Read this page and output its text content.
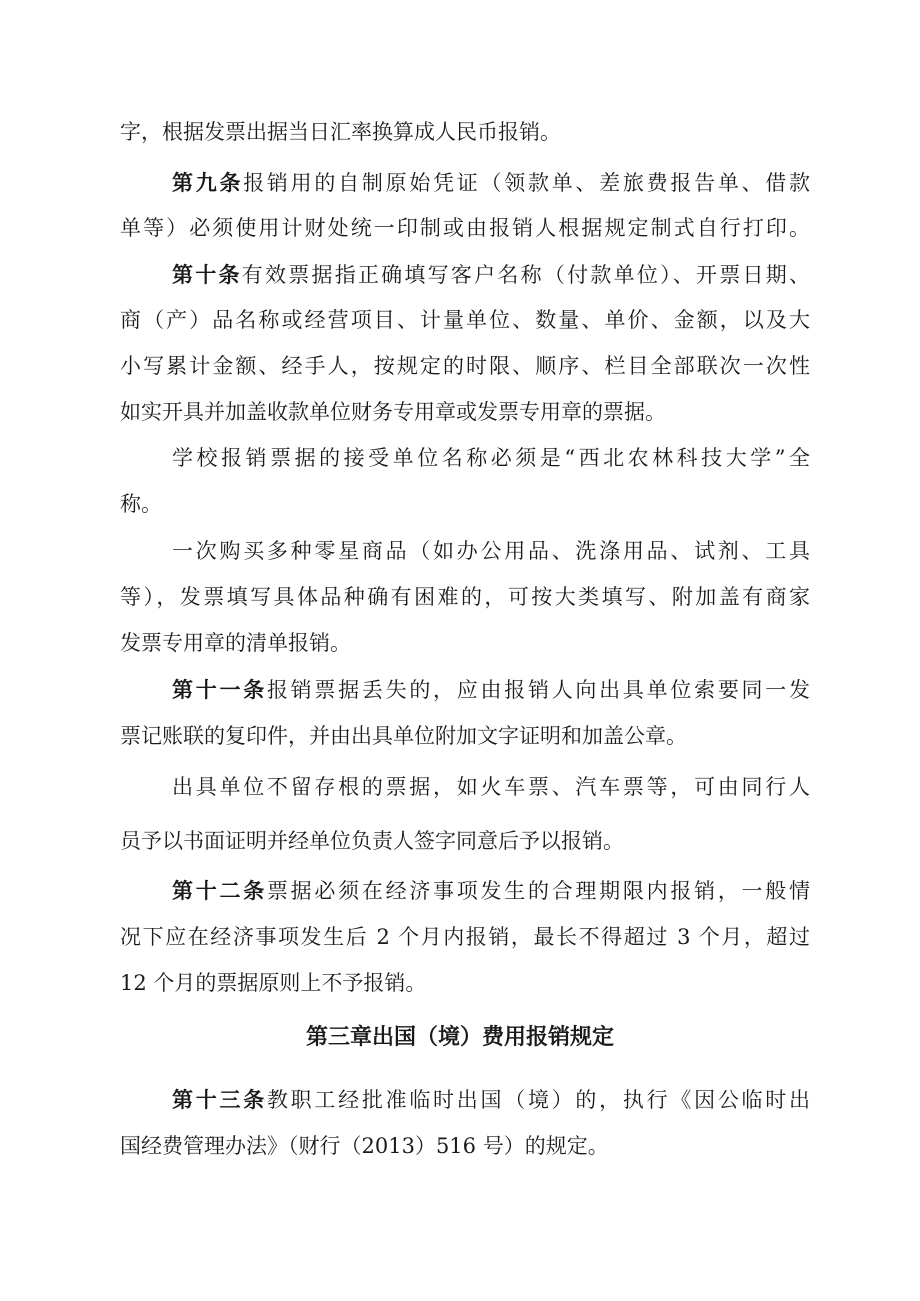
字，根据发票出据当日汇率换算成人民币报销。
第九条报销用的自制原始凭证（领款单、差旅费报告单、借款
单等）必须使用计财处统一印制或由报销人根据规定制式自行打印。
第十条有效票据指正确填写客户名称（付款单位）、开票日期、
商（产）品名称或经营项目、计量单位、数量、单价、金额，以及大
小写累计金额、经手人，按规定的时限、顺序、栏目全部联次一次性
如实开具并加盖收款单位财务专用章或发票专用章的票据。
学校报销票据的接受单位名称必须是“西北农林科技大学”全
称。
一次购买多种零星商品（如办公用品、洗涤用品、试剂、工具
等），发票填写具体品种确有困难的，可按大类填写、附加盖有商家
发票专用章的清单报销。
第十一条报销票据丢失的，应由报销人向出具单位索要同一发
票记账联的复印件，并由出具单位附加文字证明和加盖公章。
出具单位不留存根的票据，如火车票、汽车票等，可由同行人
员予以书面证明并经单位负责人签字同意后予以报销。
第十二条票据必须在经济事项发生的合理期限内报销，一般情
况下应在经济事项发生后 2 个月内报销，最长不得超过 3 个月，超过
12 个月的票据原则上不予报销。
第三章出国（境）费用报销规定
第十三条教职工经批准临时出国（境）的，执行《因公临时出
国经费管理办法》（财行（2013）516 号）的规定。
